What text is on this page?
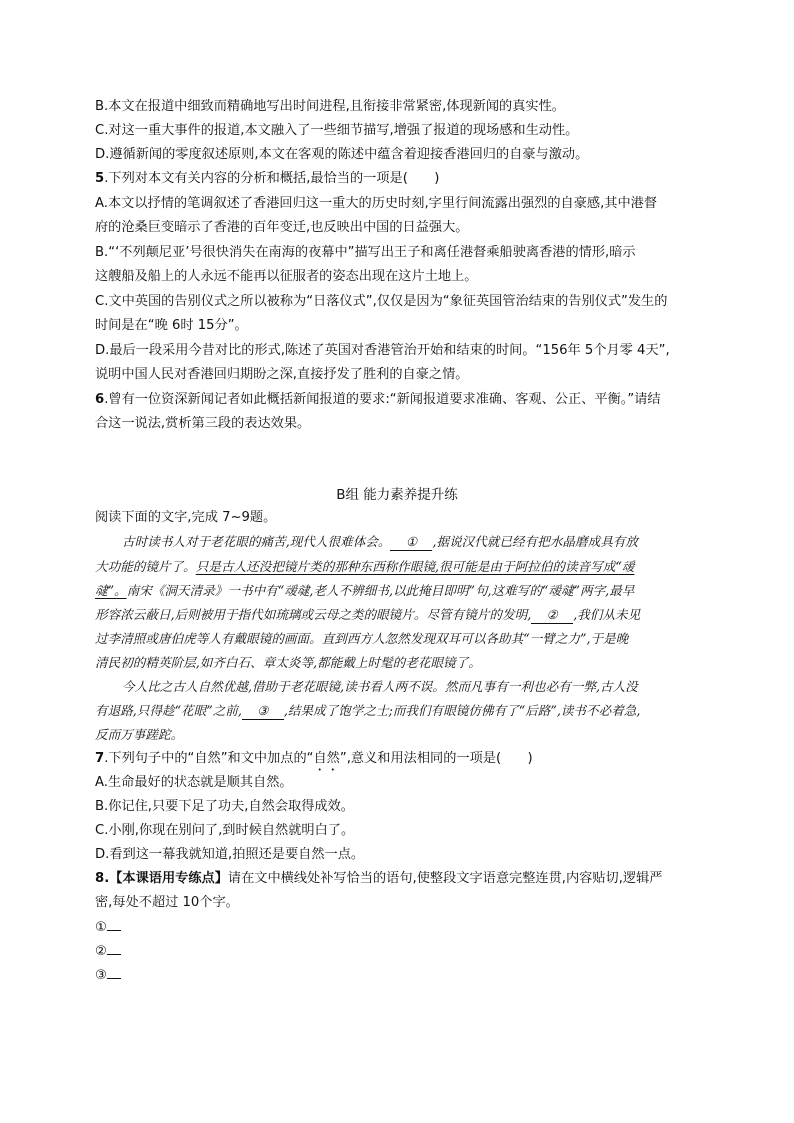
B.本文在报道中细致而精确地写出时间进程,且衔接非常紧密,体现新闻的真实性。
C.对这一重大事件的报道,本文融入了一些细节描写,增强了报道的现场感和生动性。
D.遵循新闻的零度叙述原则,本文在客观的陈述中蕴含着迎接香港回归的自豪与激动。
5.下列对本文有关内容的分析和概括,最恰当的一项是(　　)
A.本文以抒情的笔调叙述了香港回归这一重大的历史时刻,字里行间流露出强烈的自豪感,其中港督
府的沧桑巨变暗示了香港的百年变迁,也反映出中国的日益强大。
B.“‘不列颠尼亚’号很快消失在南海的夜幕中”描写出王子和离任港督乘船驶离香港的情形,暗示
这艘船及船上的人永远不能再以征服者的姿态出现在这片土地上。
C.文中英国的告别仪式之所以被称为“日落仪式”,仅仅是因为“象征英国管治结束的告别仪式”发生的
时间是在“晚 6时 15分”。
D.最后一段采用今昔对比的形式,陈述了英国对香港管治开始和结束的时间。“156年 5个月零 4天”,
说明中国人民对香港回归期盼之深,直接抒发了胜利的自豪之情。
6.曾有一位资深新闻记者如此概括新闻报道的要求:“新闻报道要求准确、客观、公正、平衡。”请结
合这一说法,赏析第三段的表达效果。
B组 能力素养提升练
阅读下面的文字,完成 7~9题。
古时读书人对于老花眼的痛苦,现代人很难体会。 ① ,据说汉代就已经有把水晶磨成具有放
大功能的镜片了。只是古人还没把镜片类的那种东西称作眼镜,很可能是由于阿拉伯的读音写成“叆
叇”。南宋《洞天清录》一书中有“叆叇,老人不辨细书,以此掩目即明”句,这难写的“叆叇”两字,最早
形容浓云蔽日,后则被用于指代如琉璃或云母之类的眼镜片。尽管有镜片的发明, ② ,我们从未见
过李清照或唐伯虎等人有戴眼镜的画面。直到西方人忽然发现双耳可以各助其“一臂之力”,于是晚
清民初的精英阶层,如齐白石、章太炎等,都能戴上时髦的老花眼镜了。
今人比之古人自然优越,借助于老花眼镜,读书看人两不误。然而凡事有一利也必有一弊,古人没
有退路,只得趁“花眼”之前, ③ ,结果成了饱学之士;而我们有眼镜仿佛有了“后路”,读书不必着急,
反而万事蹉跎。
7.下列句子中的“自然”和文中加点的“自然”,意义和用法相同的一项是(　　)
A.生命最好的状态就是顺其自然。
B.你记住,只要下足了功夫,自然会取得成效。
C.小刚,你现在别问了,到时候自然就明白了。
D.看到这一幕我就知道,拍照还是要自然一点。
8.【本课语用专练点】请在文中横线处补写恰当的语句,使整段文字语意完整连贯,内容贴切,逻辑严
密,每处不超过 10个字。
①
②
③
